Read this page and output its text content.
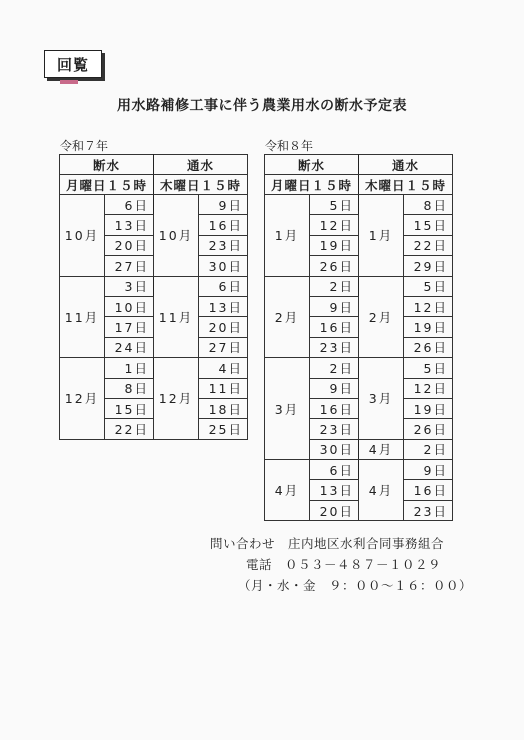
回覧
用水路補修工事に伴う農業用水の断水予定表
令和７年	令和８年
断水		通水	
月曜日１５時		木曜日１５時	
10月	6日	10月	9日
	13日		16日
	20日		23日
	27日		30日
11月	3日	11月	6日
	10日		13日
	17日		20日
	24日		27日
12月	1日	12月	4日
	8日		11日
	15日		18日
	22日		25日
断水		通水	
月曜日１５時		木曜日１５時	
1月	5日	1月	8日
	12日		15日
	19日		22日
	26日		29日
2月	2日	2月	5日
	9日		12日
	16日		19日
	23日		26日
3月	2日	3月	5日
	9日		12日
	16日		19日
	23日		26日
	30日	4月	2日
4月	6日	4月	9日
	13日		16日
	20日		23日
問い合わせ　 庄内地区水利合同事務組合
電話　 ０５３－４８７－１０２９
（月・水・金　９：００～１６：００）
